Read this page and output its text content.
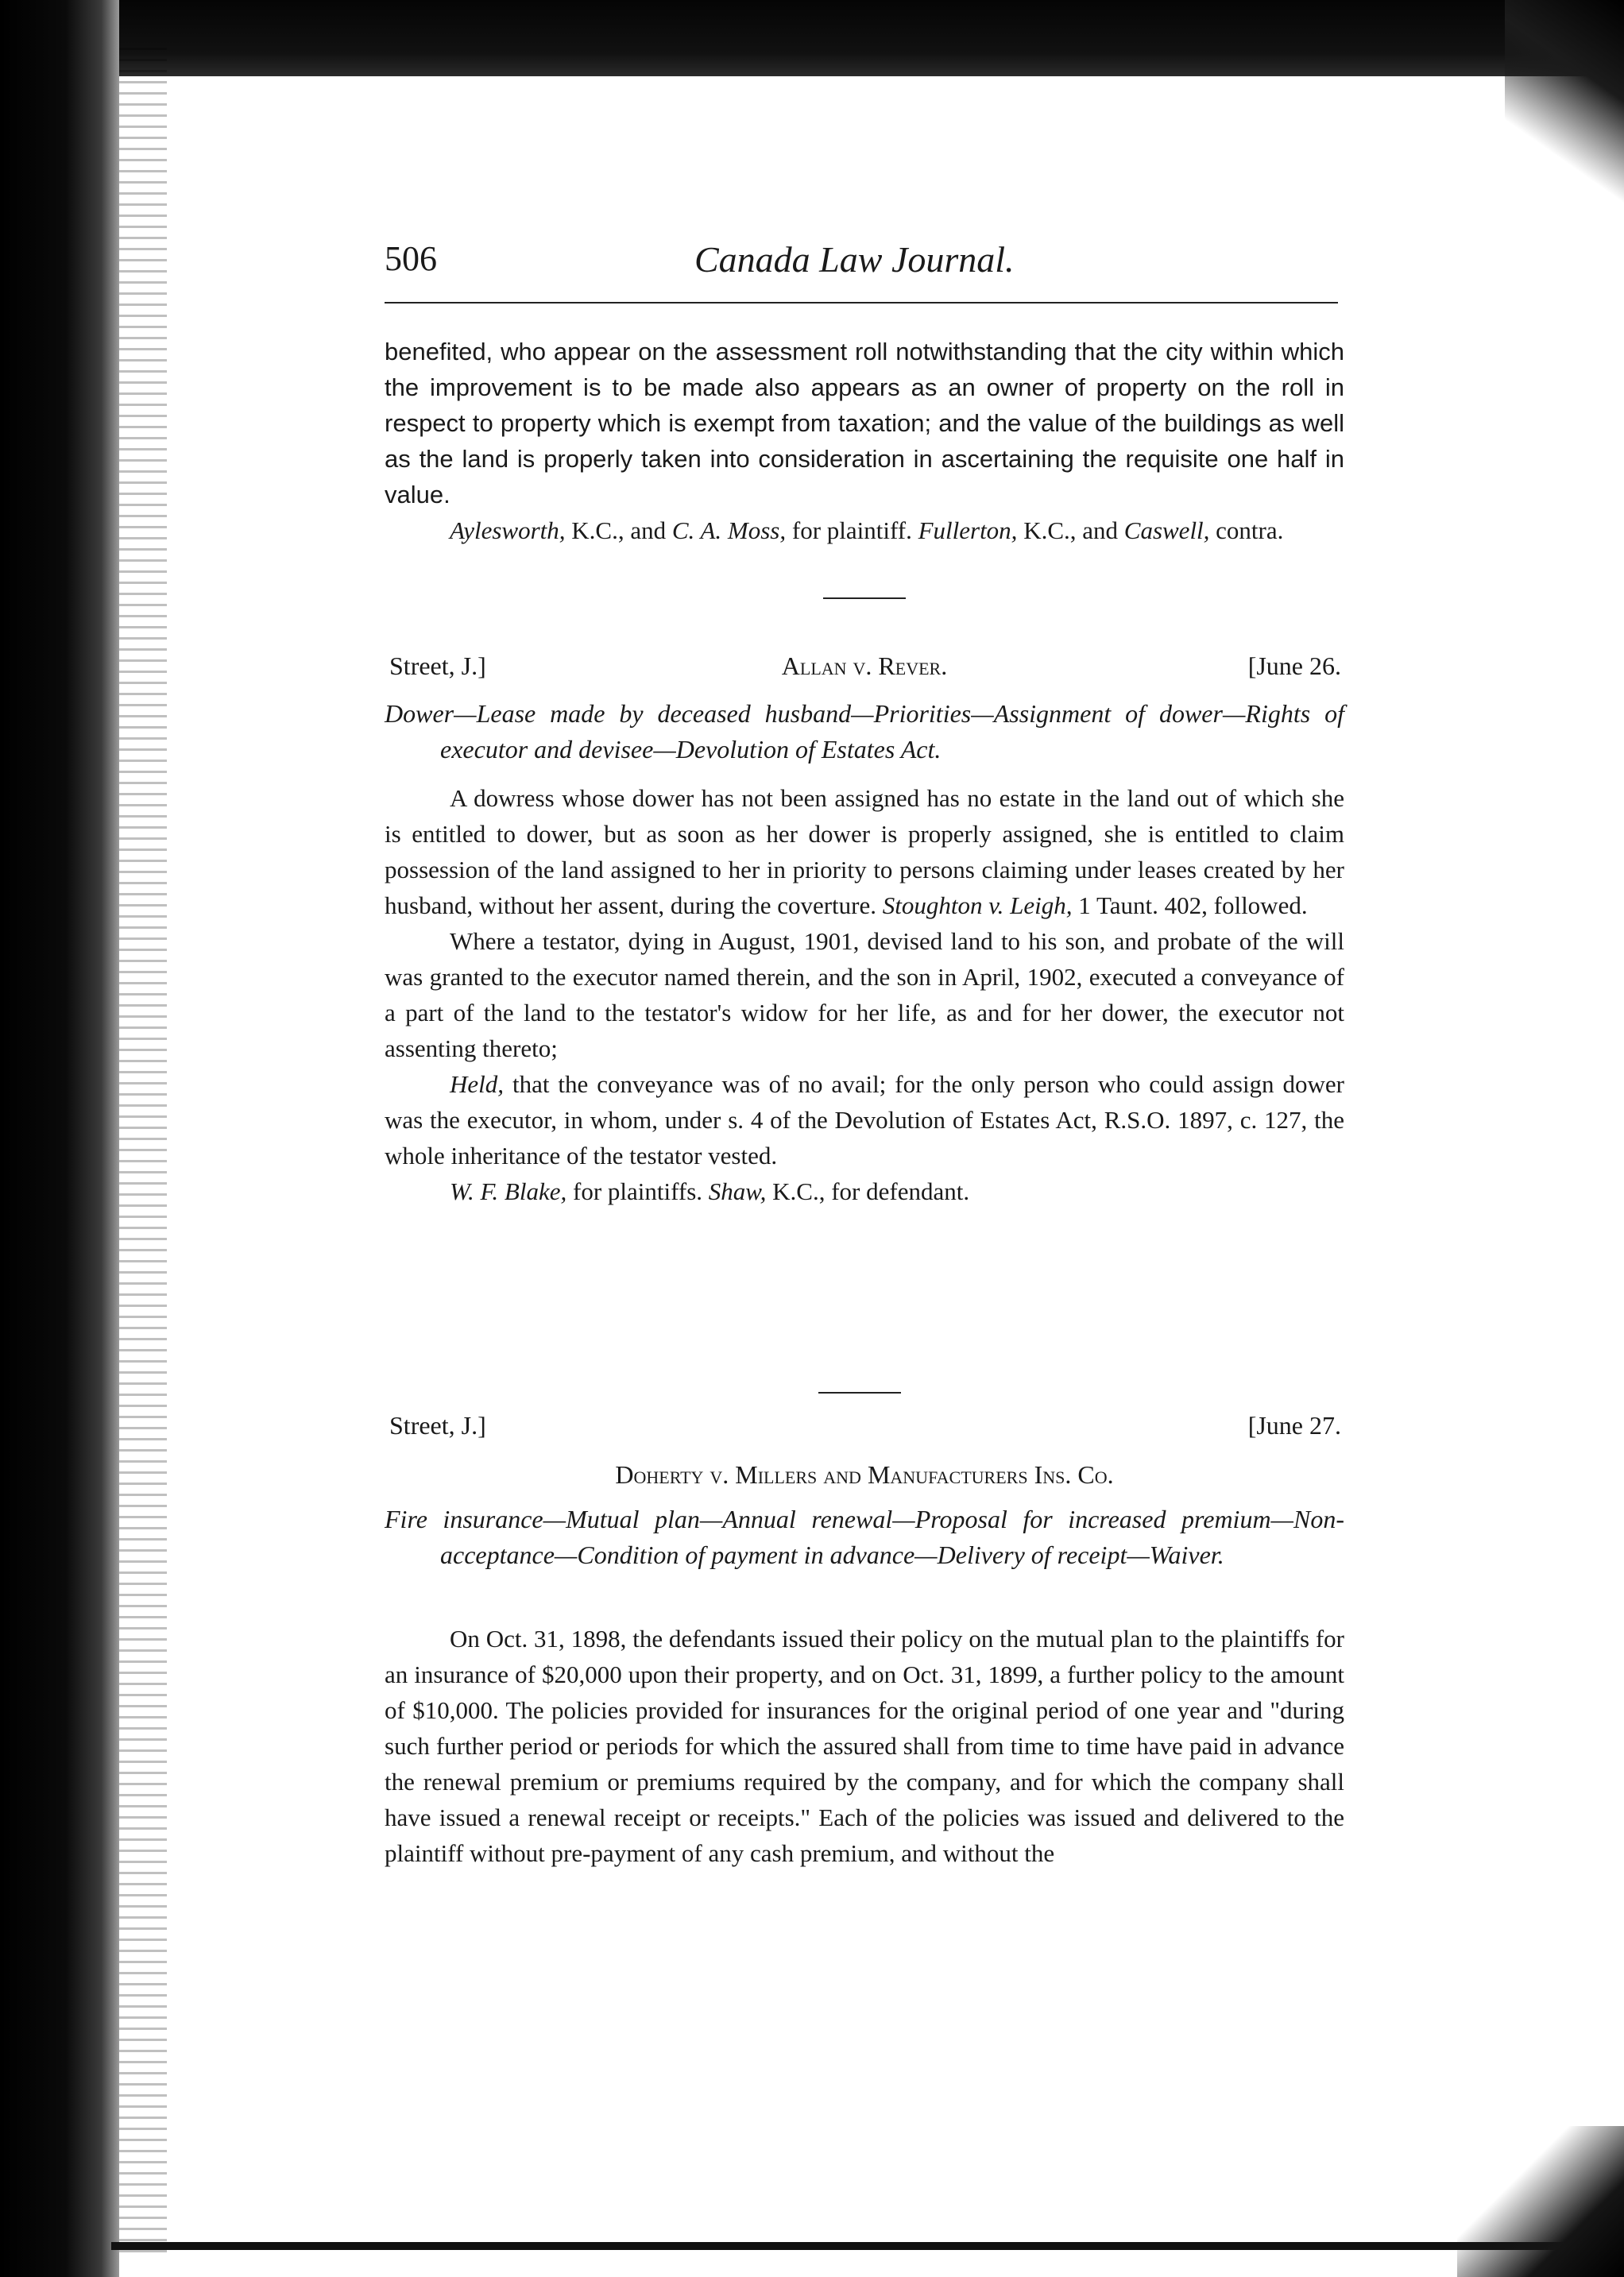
506	Canada Law Journal.

benefited, who appear on the assessment roll notwithstanding that the city within which the improvement is to be made also appears as an owner of property on the roll in respect to property which is exempt from taxation; and the value of the buildings as well as the land is properly taken into consideration in ascertaining the requisite one half in value.

Aylesworth, K.C., and C. A. Moss, for plaintiff. Fullerton, K.C., and Caswell, contra.

Street, J.]	Allan v. Rever.	[June 26.

Dower—Lease made by deceased husband—Priorities—Assignment of dower—Rights of executor and devisee—Devolution of Estates Act.

A dowress whose dower has not been assigned has no estate in the land out of which she is entitled to dower, but as soon as her dower is properly assigned, she is entitled to claim possession of the land assigned to her in priority to persons claiming under leases created by her husband, without her assent, during the coverture. Stoughton v. Leigh, 1 Taunt. 402, followed.

Where a testator, dying in August, 1901, devised land to his son, and probate of the will was granted to the executor named therein, and the son in April, 1902, executed a conveyance of a part of the land to the testator's widow for her life, as and for her dower, the executor not assenting thereto;

Held, that the conveyance was of no avail; for the only person who could assign dower was the executor, in whom, under s. 4 of the Devolution of Estates Act, R.S.O. 1897, c. 127, the whole inheritance of the testator vested.

W. F. Blake, for plaintiffs. Shaw, K.C., for defendant.

Street, J.]	[June 27.
Doherty v. Millers and Manufacturers Ins. Co.

Fire insurance—Mutual plan—Annual renewal—Proposal for increased premium—Non-acceptance—Condition of payment in advance—Delivery of receipt—Waiver.

On Oct. 31, 1898, the defendants issued their policy on the mutual plan to the plaintiffs for an insurance of $20,000 upon their property, and on Oct. 31, 1899, a further policy to the amount of $10,000. The policies provided for insurances for the original period of one year and "during such further period or periods for which the assured shall from time to time have paid in advance the renewal premium or premiums required by the company, and for which the company shall have issued a renewal receipt or receipts." Each of the policies was issued and delivered to the plaintiff without pre-payment of any cash premium, and without the
